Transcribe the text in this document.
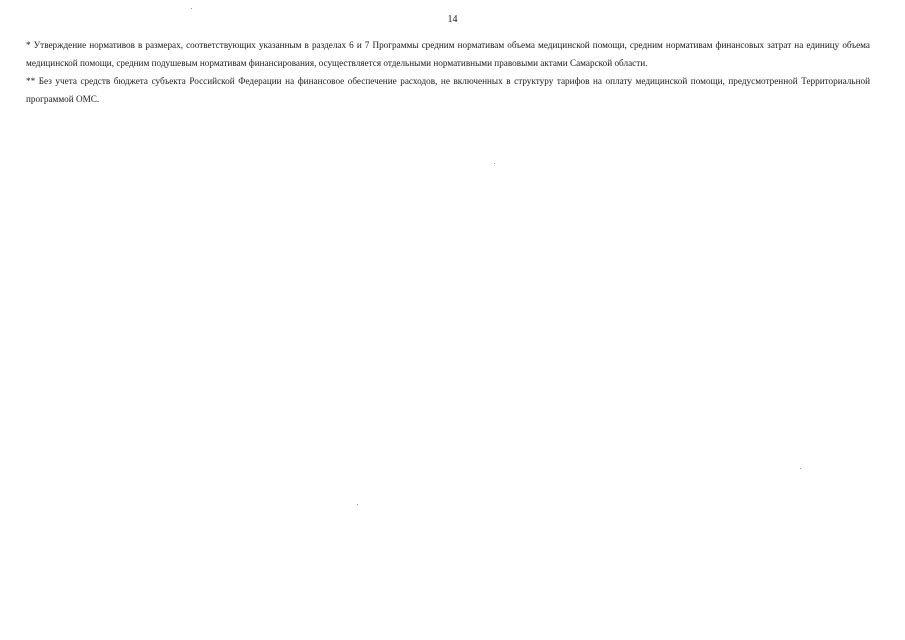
14

* Утверждение нормативов в размерах, соответствующих указанным в разделах 6 и 7 Программы средним нормативам объема медицинской помощи, средним нормативам финансовых затрат на единицу объема медицинской помощи, средним подушевым нормативам финансирования, осуществляется отдельными нормативными правовыми актами Самарской области.

** Без учета средств бюджета субъекта Российской Федерации на финансовое обеспечение расходов, не включенных в структуру тарифов на оплату медицинской помощи, предусмотренной Территориальной программой ОМС.
